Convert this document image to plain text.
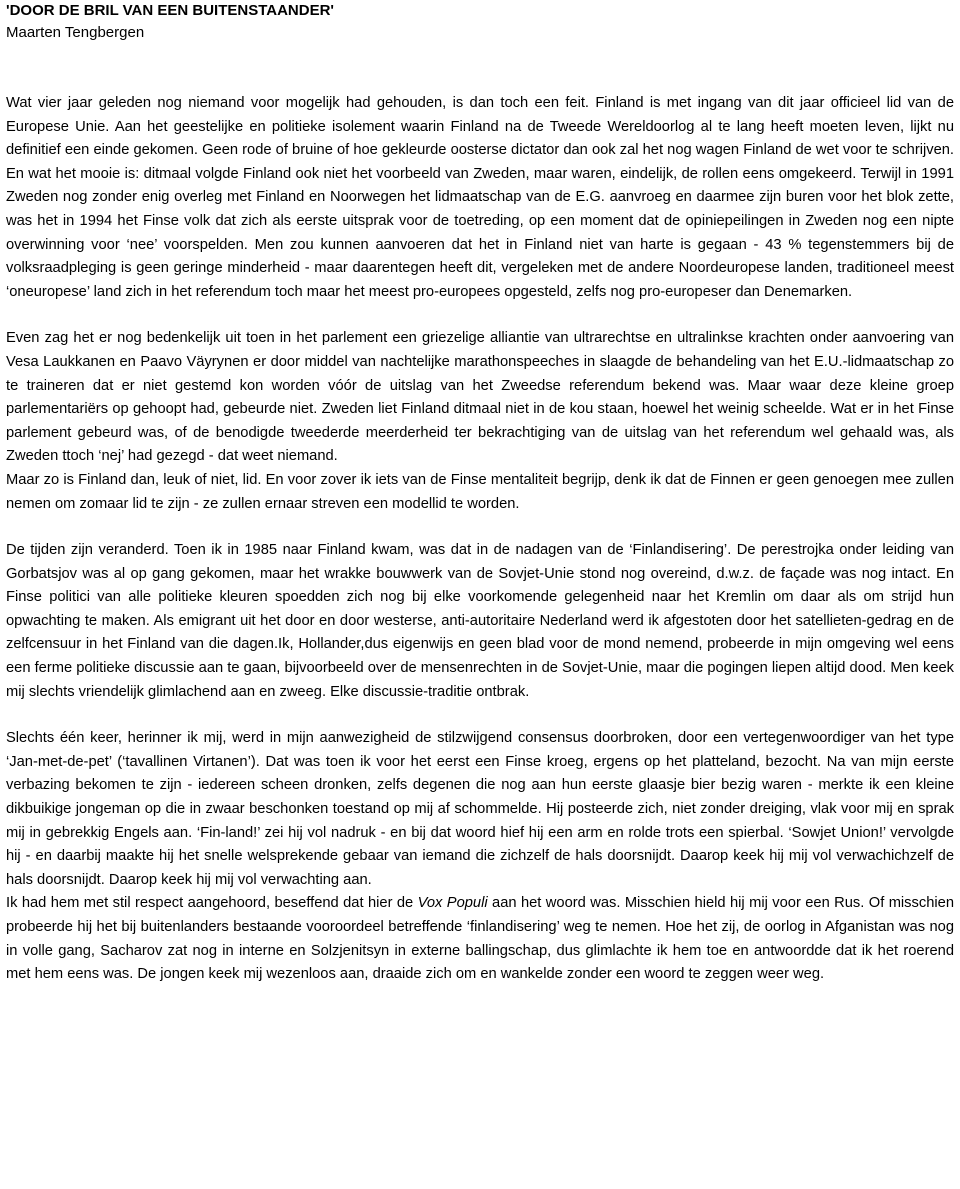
'DOOR DE BRIL VAN EEN BUITENSTAANDER'
Maarten Tengbergen

Wat vier jaar geleden nog niemand voor mogelijk had gehouden, is dan toch een feit. Finland is met ingang van dit jaar officieel lid van de Europese Unie. Aan het geestelijke en politieke isolement waarin Finland na de Tweede Wereldoorlog al te lang heeft moeten leven, lijkt nu definitief een einde gekomen. Geen rode of bruine of hoe gekleurde oosterse dictator dan ook zal het nog wagen Finland de wet voor te schrijven. En wat het mooie is: ditmaal volgde Finland ook niet het voorbeeld van Zweden, maar waren, eindelijk, de rollen eens omgekeerd. Terwijl in 1991 Zweden nog zonder enig overleg met Finland en Noorwegen het lidmaatschap van de E.G. aanvroeg en daarmee zijn buren voor het blok zette, was het in 1994 het Finse volk dat zich als eerste uitsprak voor de toetreding, op een moment dat de opiniepeilingen in Zweden nog een nipte overwinning voor ‘nee’ voorspelden. Men zou kunnen aanvoeren dat het in Finland niet van harte is gegaan - 43 % tegenstemmers bij de volksraadpleging is geen geringe minderheid - maar daarentegen heeft dit, vergeleken met de andere Noordeuropese landen, traditioneel meest ‘oneuropese’ land zich in het referendum toch maar het meest pro-europees opgesteld, zelfs nog pro-europeser dan Denemarken.

Even zag het er nog bedenkelijk uit toen in het parlement een griezelige alliantie van ultrarechtse en ultralinkse krachten onder aanvoering van Vesa Laukkanen en Paavo Väyrynen er door middel van nachtelijke marathonspeeches in slaagde de behandeling van het E.U.-lidmaatschap zo te traineren dat er niet gestemd kon worden vóór de uitslag van het Zweedse referendum bekend was. Maar waar deze kleine groep parlementariërs op gehoopt had, gebeurde niet. Zweden liet Finland ditmaal niet in de kou staan, hoewel het weinig scheelde. Wat er in het Finse parlement gebeurd was, of de benodigde tweederde meerderheid ter bekrachtiging van de uitslag van het referendum wel gehaald was, als Zweden ttoch ‘nej’ had gezegd - dat weet niemand.

Maar zo is Finland dan, leuk of niet, lid. En voor zover ik iets van de Finse mentaliteit begrijp, denk ik dat de Finnen er geen genoegen mee zullen nemen om zomaar lid te zijn - ze zullen ernaar streven een modellid te worden.

De tijden zijn veranderd. Toen ik in 1985 naar Finland kwam, was dat in de nadagen van de ‘Finlandisering’. De perestrojka onder leiding van Gorbatsjov was al op gang gekomen, maar het wrakke bouwwerk van de Sovjet-Unie stond nog overeind, d.w.z. de façade was nog intact. En Finse politici van alle politieke kleuren spoedden zich nog bij elke voorkomende gelegenheid naar het Kremlin om daar als om strijd hun opwachting te maken. Als emigrant uit het door en door westerse, anti-autoritaire Nederland werd ik afgestoten door het satellieten-gedrag en de zelfcensuur in het Finland van die dagen.Ik, Hollander,dus eigenwijs en geen blad voor de mond nemend, probeerde in mijn omgeving wel eens een ferme politieke discussie aan te gaan, bijvoorbeeld over de mensenrechten in de Sovjet-Unie, maar die pogingen liepen altijd dood. Men keek mij slechts vriendelijk glimlachend aan en zweeg. Elke discussie-traditie ontbrak.

Slechts één keer, herinner ik mij, werd in mijn aanwezigheid de stilzwijgend consensus doorbroken, door een vertegenwoordiger van het type ‘Jan-met-de-pet’ (‘tavallinen Virtanen’). Dat was toen ik voor het eerst een Finse kroeg, ergens op het platteland, bezocht. Na van mijn eerste verbazing bekomen te zijn - iedereen scheen dronken, zelfs degenen die nog aan hun eerste glaasje bier bezig waren - merkte ik een kleine dikbuikige jongeman op die in zwaar beschonken toestand op mij af schommelde. Hij posteerde zich, niet zonder dreiging, vlak voor mij en sprak mij in gebrekkig Engels aan. ‘Fin-land!’ zei hij vol nadruk - en bij dat woord hief hij een arm en rolde trots een spierbal. ‘Sowjet Union!’ vervolgde hij - en daarbij maakte hij het snelle welsprekende gebaar van iemand die zichzelf de hals doorsnijdt. Daarop keek hij mij vol verwachichzelf de hals doorsnijdt. Daarop keek hij mij vol verwachting aan.

Ik had hem met stil respect aangehoord, beseffend dat hier de Vox Populi aan het woord was. Misschien hield hij mij voor een Rus. Of misschien probeerde hij het bij buitenlanders bestaande vooroordeel betreffende ‘finlandisering’ weg te nemen. Hoe het zij, de oorlog in Afganistan was nog in volle gang, Sacharov zat nog in interne en Solzjenitsyn in externe ballingschap, dus glimlachte ik hem toe en antwoordde dat ik het roerend met hem eens was. De jongen keek mij wezenloos aan, draaide zich om en wankelde zonder een woord te zeggen weer weg.
